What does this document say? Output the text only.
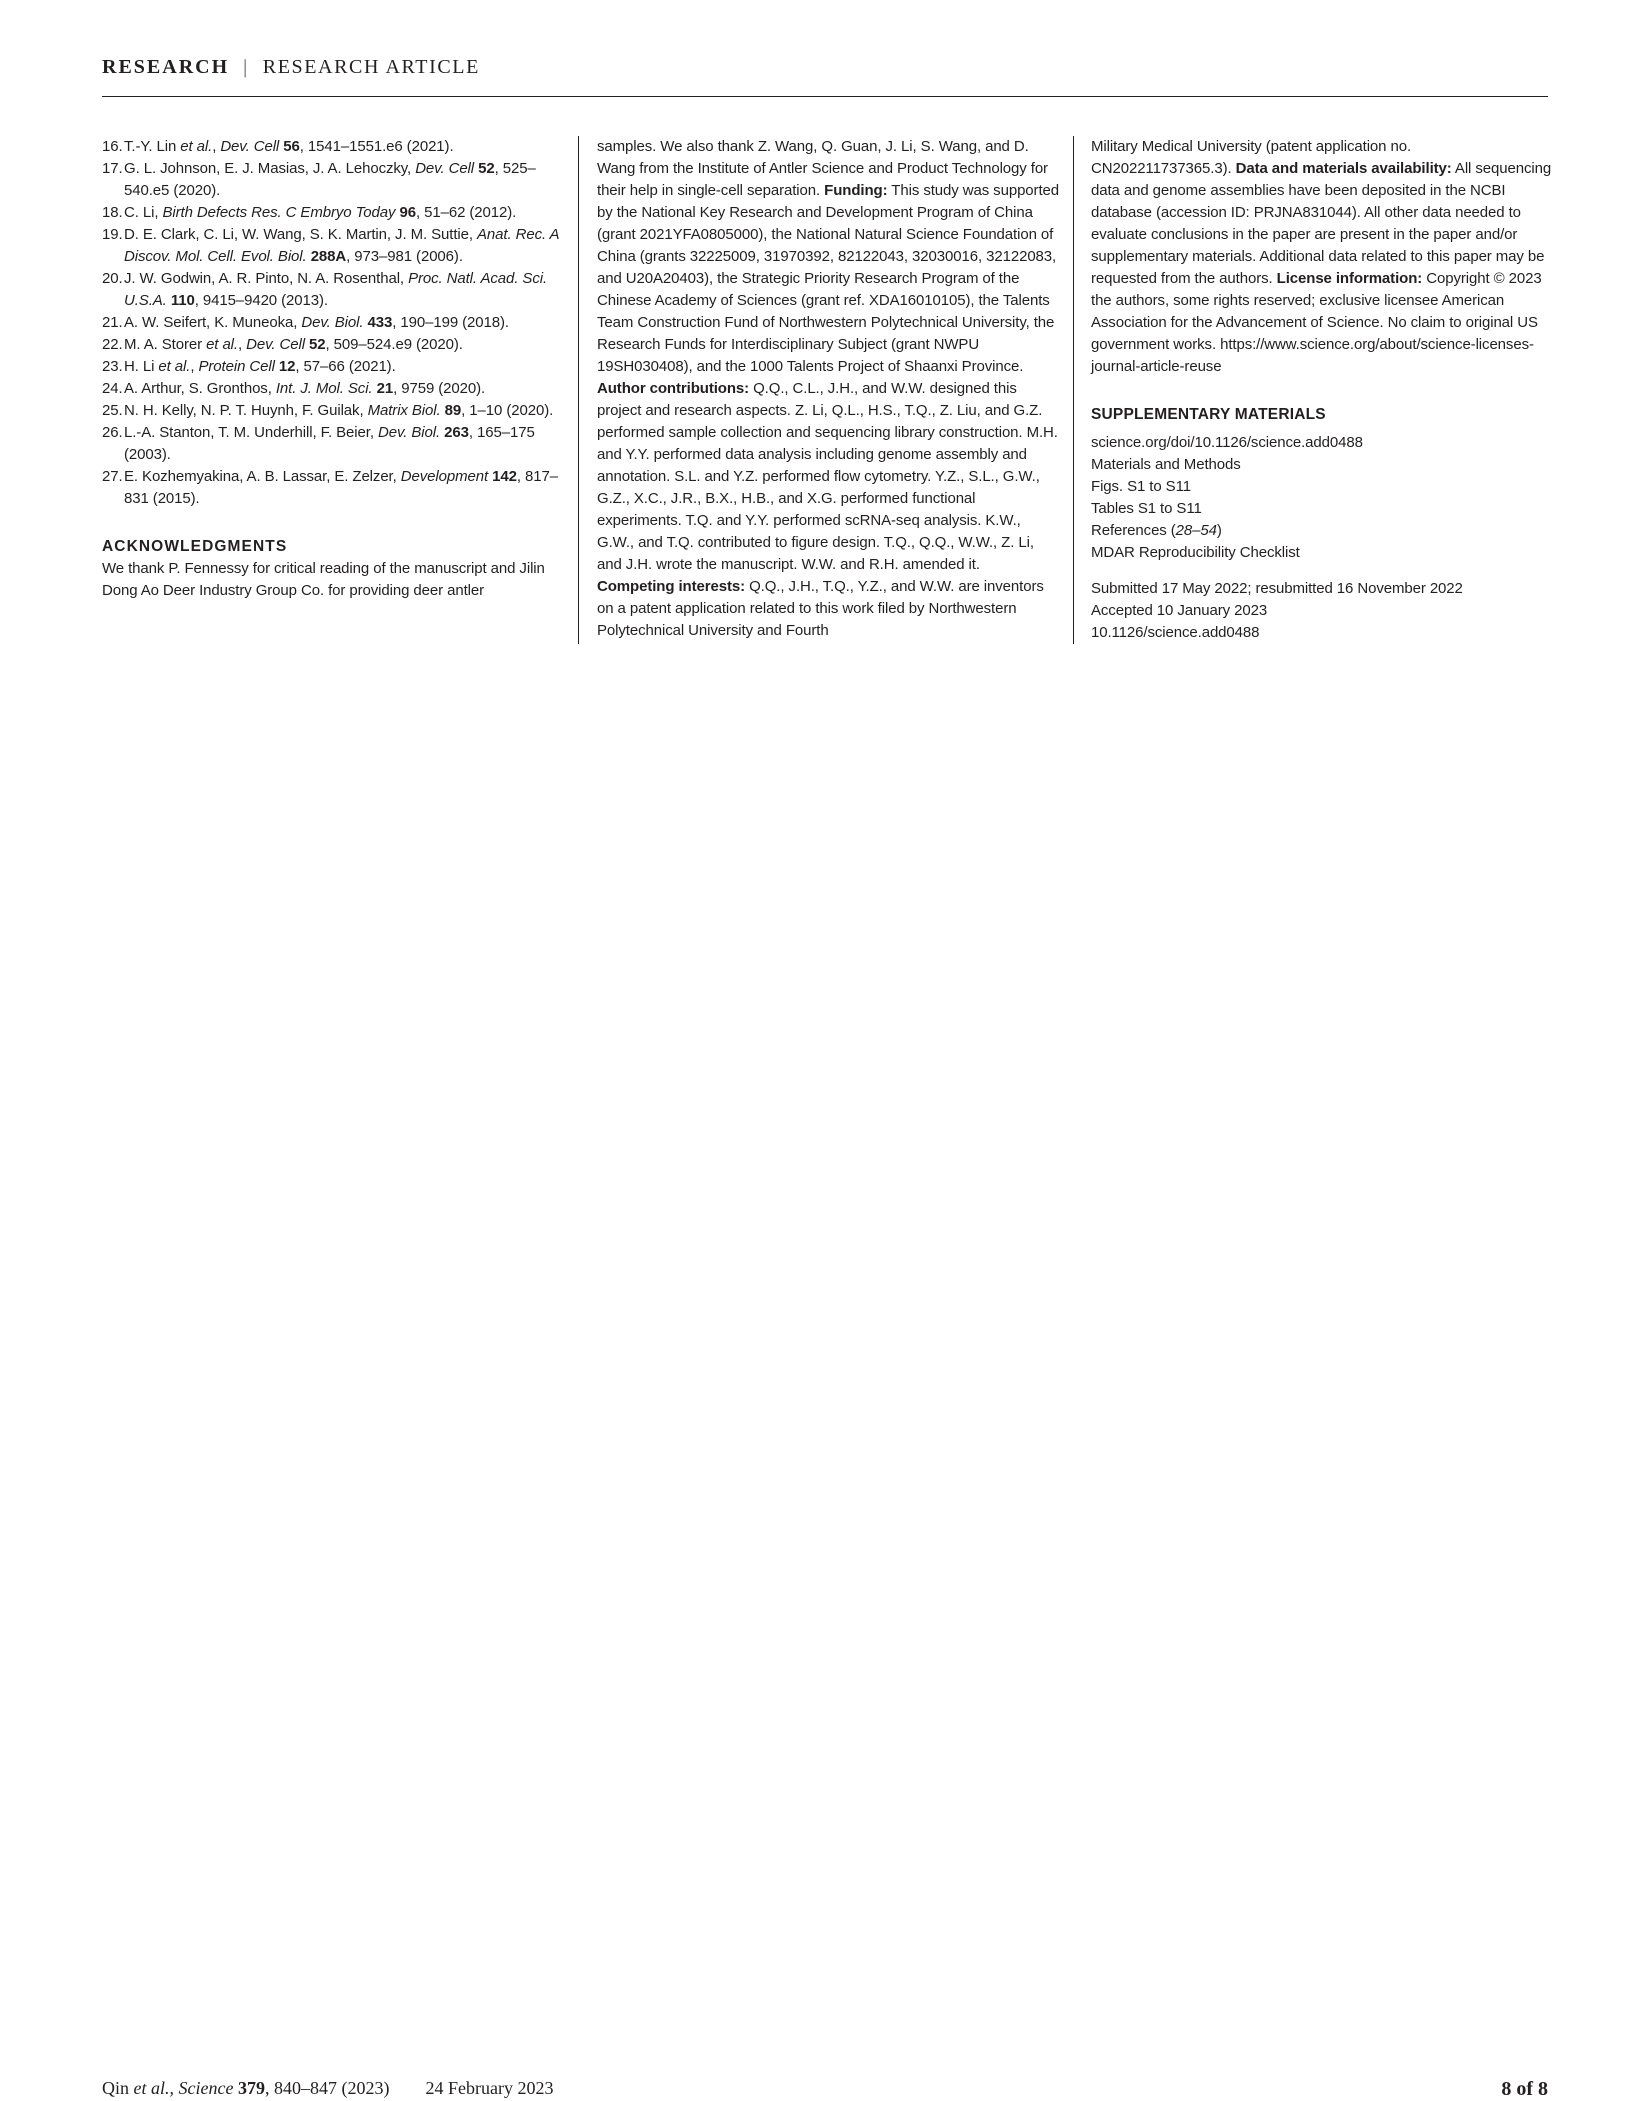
RESEARCH | RESEARCH ARTICLE

16. T.-Y. Lin et al., Dev. Cell 56, 1541–1551.e6 (2021).

17. G. L. Johnson, E. J. Masias, J. A. Lehoczky, Dev. Cell 52, 525–540.e5 (2020).

18. C. Li, Birth Defects Res. C Embryo Today 96, 51–62 (2012).

19. D. E. Clark, C. Li, W. Wang, S. K. Martin, J. M. Suttie, Anat. Rec. A Discov. Mol. Cell. Evol. Biol. 288A, 973–981 (2006).

20. J. W. Godwin, A. R. Pinto, N. A. Rosenthal, Proc. Natl. Acad. Sci. U.S.A. 110, 9415–9420 (2013).

21. A. W. Seifert, K. Muneoka, Dev. Biol. 433, 190–199 (2018).

22. M. A. Storer et al., Dev. Cell 52, 509–524.e9 (2020).

23. H. Li et al., Protein Cell 12, 57–66 (2021).

24. A. Arthur, S. Gronthos, Int. J. Mol. Sci. 21, 9759 (2020).

25. N. H. Kelly, N. P. T. Huynh, F. Guilak, Matrix Biol. 89, 1–10 (2020).

26. L.-A. Stanton, T. M. Underhill, F. Beier, Dev. Biol. 263, 165–175 (2003).

27. E. Kozhemyakina, A. B. Lassar, E. Zelzer, Development 142, 817–831 (2015).

ACKNOWLEDGMENTS

We thank P. Fennessy for critical reading of the manuscript and Jilin Dong Ao Deer Industry Group Co. for providing deer antler

samples. We also thank Z. Wang, Q. Guan, J. Li, S. Wang, and D. Wang from the Institute of Antler Science and Product Technology for their help in single-cell separation. Funding: This study was supported by the National Key Research and Development Program of China (grant 2021YFA0805000), the National Natural Science Foundation of China (grants 32225009, 31970392, 82122043, 32030016, 32122083, and U20A20403), the Strategic Priority Research Program of the Chinese Academy of Sciences (grant ref. XDA16010105), the Talents Team Construction Fund of Northwestern Polytechnical University, the Research Funds for Interdisciplinary Subject (grant NWPU 19SH030408), and the 1000 Talents Project of Shaanxi Province. Author contributions: Q.Q., C.L., J.H., and W.W. designed this project and research aspects. Z. Li, Q.L., H.S., T.Q., Z. Liu, and G.Z. performed sample collection and sequencing library construction. M.H. and Y.Y. performed data analysis including genome assembly and annotation. S.L. and Y.Z. performed flow cytometry. Y.Z., S.L., G.W., G.Z., X.C., J.R., B.X., H.B., and X.G. performed functional experiments. T.Q. and Y.Y. performed scRNA-seq analysis. K.W., G.W., and T.Q. contributed to figure design. T.Q., Q.Q., W.W., Z. Li, and J.H. wrote the manuscript. W.W. and R.H. amended it. Competing interests: Q.Q., J.H., T.Q., Y.Z., and W.W. are inventors on a patent application related to this work filed by Northwestern Polytechnical University and Fourth

Military Medical University (patent application no. CN202211737365.3). Data and materials availability: All sequencing data and genome assemblies have been deposited in the NCBI database (accession ID: PRJNA831044). All other data needed to evaluate conclusions in the paper are present in the paper and/or supplementary materials. Additional data related to this paper may be requested from the authors. License information: Copyright © 2023 the authors, some rights reserved; exclusive licensee American Association for the Advancement of Science. No claim to original US government works. https://www.science.org/about/science-licenses-journal-article-reuse

SUPPLEMENTARY MATERIALS

science.org/doi/10.1126/science.add0488

Materials and Methods

Figs. S1 to S11

Tables S1 to S11

References (28–54)

MDAR Reproducibility Checklist

Submitted 17 May 2022; resubmitted 16 November 2022

Accepted 10 January 2023

10.1126/science.add0488

Qin et al., Science 379, 840–847 (2023) 24 February 2023	8 of 8
